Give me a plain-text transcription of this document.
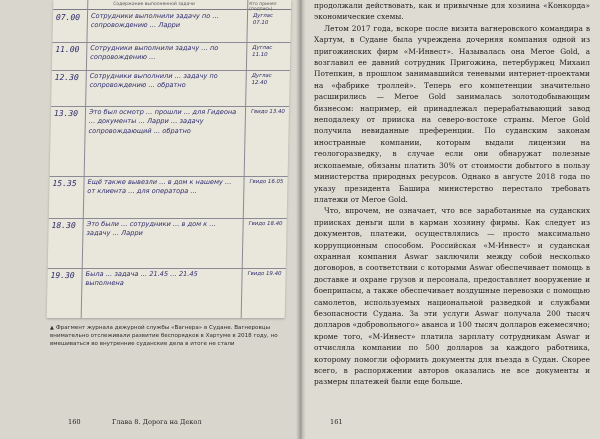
Содержание выполненной задачи	Кто принял (подпись)
07.00 Сотрудники выполнили задачу по … сопровождению … Ларри
Дуглас 07.10
11.00 Сотрудники выполнили задачу … по сопровождению …
Дуглас 11.10
12.30 Сотрудники выполнили … задачу по сопровождению … обратно
Дуглас 12.40
13.30 Это был осмотр … прошли … для Гидеона … документы … Ларри … задачу сопровождающий … обратно
Гвидо 13.40
15.35 Ещё также вывезли … в дом к нашему … от клиента … для оператора …
Гвидо 16.05
18.30 Это были … сотрудники … в дом к … задачу … Ларри
Гвидо 18.40
19.30 Была … задача … 21.45 … 21.45 выполнена
Гвидо 19.40
▲ Фрагмент журнала дежурной службы «Вагнера» в Судане. Вагнеровцы внимательно отслеживали развитие беспорядков в Хартуме в 2018 году, но вмешиваться во внутренние суданские дела в итоге не стали
160	Глава 8. Дорога на Декол

продолжали действовать, как и привычные для хозяина «Конкорда» экономические схемы.

Летом 2017 года, вскоре после визита вагнеровского командира в Хартум, в Судане была учреждена дочерняя компания одной из пригожинских фирм «М-Инвест». Называлась она Meroe Gold, а возглавил ее давний сотрудник Пригожина, петербуржец Михаил Потепкин, в прошлом занимавшийся теневыми интернет-проектами на «фабрике троллей». Теперь его компетенции значительно расширились — Meroe Gold занималась золотодобывающим бизнесом: например, ей принадлежал перерабатывающий завод неподалеку от прииска на северо-востоке страны. Meroe Gold получила невиданные преференции. По суданским законам иностранные компании, которым выдали лицензии на геологоразведку, в случае если они обнаружат полезные ископаемые, обязаны платить 30% от стоимости добытого в пользу министерства природных ресурсов. Однако в августе 2018 года по указу президента Башира министерство перестало требовать платежи от Meroe Gold.

Что, впрочем, не означает, что все заработанные на суданских приисках деньги шли в карман хозяину фирмы. Как следует из документов, платежи, осуществлялись — просто максимально коррупционным способом. Российская «М-Инвест» и суданская охранная компания Aswar заключили между собой несколько договоров, в соответствии с которыми Aswar обеспечивает помощь в доставке и охране грузов и персонала, предоставляет вооружение и боеприпасы, а также обеспечивает воздушные перевозки с помощью самолетов, используемых национальной разведкой и службами безопасности Судана. За эти услуги Aswar получала 200 тысяч долларов «добровольного» аванса и 100 тысяч долларов ежемесячно; кроме того, «М-Инвест» платила зарплату сотрудникам Aswar и отчисляла компании по 500 долларов за каждого работника, которому помогли оформить документы для въезда в Судан. Скорее всего, в распоряжении авторов оказались не все документы и размеры платежей были еще больше.

161
